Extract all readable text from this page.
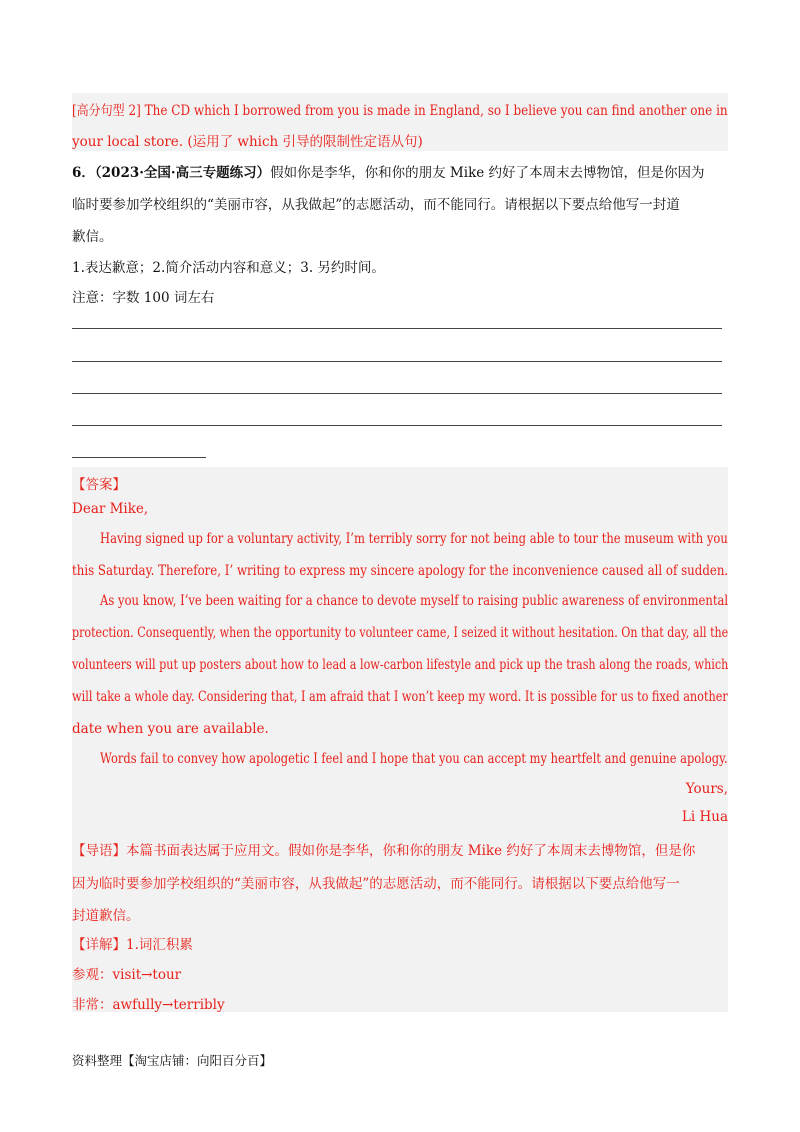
[高分句型 2] The CD which I borrowed from you is made in England, so I believe you can find another one in
your local store. (运用了 which 引导的限制性定语从句)
6．（2023·全国·高三专题练习）假如你是李华，你和你的朋友 Mike 约好了本周末去博物馆，但是你因为
临时要参加学校组织的“美丽市容，从我做起”的志愿活动，而不能同行。请根据以下要点给他写一封道
歉信。
1.表达歉意；2.简介活动内容和意义；3. 另约时间。
注意：字数 100 词左右
【答案】
Dear Mike,
Having signed up for a voluntary activity, I’m terribly sorry for not being able to tour the museum with you
this Saturday. Therefore, I’ writing to express my sincere apology for the inconvenience caused all of sudden.
As you know, I’ve been waiting for a chance to devote myself to raising public awareness of environmental
protection. Consequently, when the opportunity to volunteer came, I seized it without hesitation. On that day, all the
volunteers will put up posters about how to lead a low-carbon lifestyle and pick up the trash along the roads, which
will take a whole day. Considering that, I am afraid that I won’t keep my word. It is possible for us to fixed another
date when you are available.
Words fail to convey how apologetic I feel and I hope that you can accept my heartfelt and genuine apology.
Yours,
Li Hua
【导语】本篇书面表达属于应用文。假如你是李华，你和你的朋友 Mike 约好了本周末去博物馆，但是你
因为临时要参加学校组织的“美丽市容，从我做起”的志愿活动，而不能同行。请根据以下要点给他写一
封道歉信。
【详解】1.词汇积累
参观：visit→tour
非常：awfully→terribly
资料整理【淘宝店铺：向阳百分百】
